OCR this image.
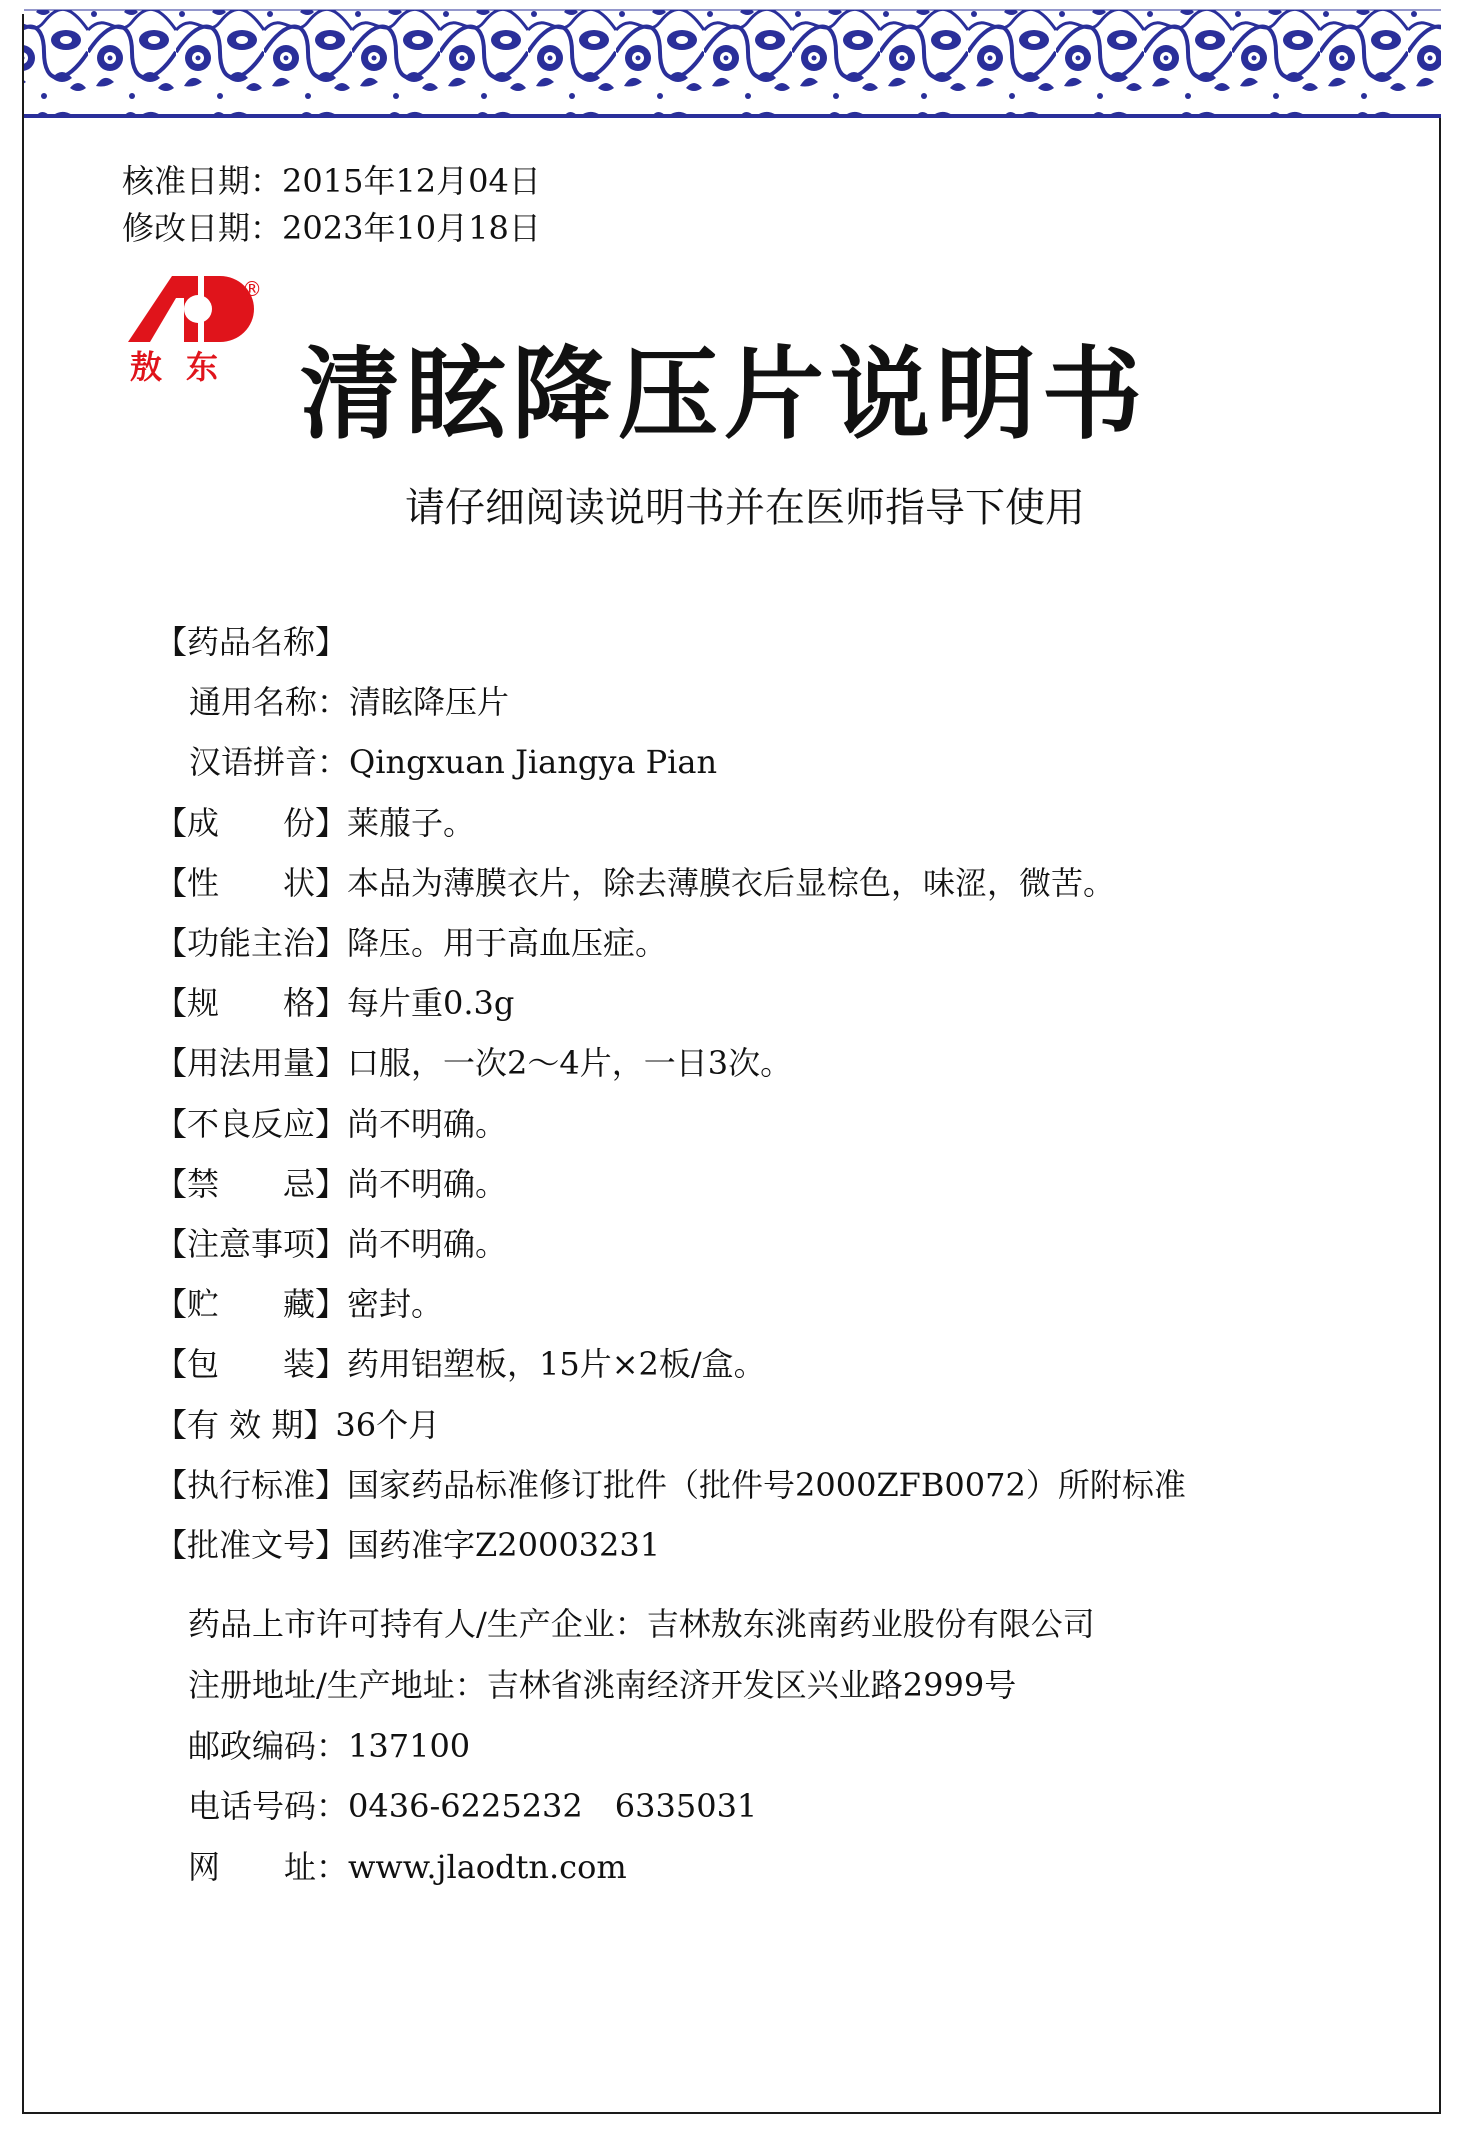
核准日期：2015年12月04日
修改日期：2023年10月18日
®
敖东 清眩降压片说明书
请仔细阅读说明书并在医师指导下使用
【药品名称】
通用名称：清眩降压片
汉语拼音：Qingxuan Jiangya Pian
【成　　份】莱菔子。
【性　　状】本品为薄膜衣片，除去薄膜衣后显棕色，味涩，微苦。
【功能主治】降压。用于高血压症。
【规　　格】每片重0.3g
【用法用量】口服，一次2～4片，一日3次。
【不良反应】尚不明确。
【禁　　忌】尚不明确。
【注意事项】尚不明确。
【贮　　藏】密封。
【包　　装】药用铝塑板，15片×2板/盒。
【有 效 期】36个月
【执行标准】国家药品标准修订批件（批件号2000ZFB0072）所附标准
【批准文号】国药准字Z20003231
药品上市许可持有人/生产企业：吉林敖东洮南药业股份有限公司
注册地址/生产地址：吉林省洮南经济开发区兴业路2999号
邮政编码：137100
电话号码：0436-6225232　6335031
网　　址：www.jlaodtn.com
